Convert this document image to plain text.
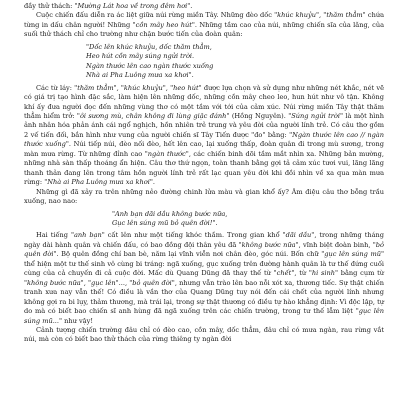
đầy thử thách: "Mường Lát hoa về trong đêm hơi".

Cuộc chiến đấu diễn ra ác liệt giữa núi rừng miền Tây. Những đèo dốc "khúc khuỷu", "thăm thẳm" chứa từng in dấu chân người! Những "cồn mây heo hút". Những tầm cao của núi, những chiến sĩa của lăng, của suối thử thách chỉ cho trường như chặn bước tiến của đoàn quân:

"Dốc lên khúc khuỷu, dốc thăm thẳm,
Heo hút cồn mây súng ngửi trời.
Ngàn thước lên cao ngàn thước xuống
Nhà ai Pha Luông mưa xa khơi".

Các từ láy: "thăm thẳm", "khúc khuỷu", "heo hút" được lựa chọn và sử dụng như những nét khắc, nét vẽ có giá trị tạo hình đặc sắc, làm hiện lên những dốc, những cồn mây cheo leo, hun hút như vô tận. Không khí ấy đưa người đọc đến những vùng thơ có một tầm với tới của cảm xúc. Núi rừng miền Tây thật thăm thẳm hiểm trở: "ôi sương mù, chân không đi lùng giặc đánh" (Hồng Nguyên). "Súng ngửi trời" là một hình ảnh nhân hóa phản ánh cái ngổ nghịch, hồn nhiên trẻ trung và yêu đời của người lính trẻ. Có câu thơ gồm 2 vế tiến đối, bắn hình như vung của người chiến sĩ Tây Tiến được "đo" bằng: "Ngàn thước lên cao // ngàn thước xuống". Núi tiếp núi, đèo nối đèo, hết lên cao, lại xuống thấp, đoàn quân đi trong mù sương, trong màn mưa rừng. Từ những đỉnh cao "ngàn thước", các chiến binh dõi tầm mắt nhìn xa. Những bản mường, những nhà sàn thấp thoáng ẩn hiện. Câu thơ thứ ngọn, toàn thanh bằng gợi tả cảm xúc tươi vui, lãng lãng thanh thản đang lên trong tâm hồn người lính trẻ rất lạc quan yêu đời khi đồi nhìn về xa qua màn mưa rừng: "Nhà ai Pha Luông mưa xa khơi".

Những gì đã xảy ra trên những nẻo đường chinh lửa màu và gian khổ ấy? Âm điệu câu thơ bỗng trầu xuống, nao nao:

"Anh bạn dãi dầu không bước nữa,
Gục lên súng mũ bỏ quên đời!".

Hai tiếng "anh bạn" cất lên như một tiếng khóc thầm. Trong gian khổ "dãi dầu", trong những tháng ngày dài hành quân và chiến đấu, có bao đồng đội thân yêu đã "không bước nữa", vĩnh biệt đoàn binh, "bỏ quên đời". Bộ quên đồng chí ban bè, năm lại vĩnh viễn nơi chân đèo, góc núi. Bốn chữ "gục lên súng mũ" thể hiện một tư thế sinh vô cùng bi tráng: ngã xuống, gục xuống trên đường hành quân là tư thế đứng cuối cùng của cả chuyến đi cả cuộc đời. Mấc dù Quang Dũng đã thay thế từ "chết", từ "hi sinh" bằng cụm từ "không bước nữa", "gục lên"..., "bỏ quên đời", nhưng vẫn trào lên bao nỗi xót xa, thương tiếc. Sự thật chiến tranh xưa nay vẫn thế! Có điều là vần thơ của Quang Dũng tuy nói đến cái chết của người lính nhưng không gợi ra bi lụy, thảm thương, mà trái lại, trong sự thật thương có điều tự hào khẳng định: Vì độc lập, tự do mà có biết bao chiến sĩ anh hùng đã ngã xuống trên các chiến trường, trong tư thế lẫm liệt "gục lên súng mũ..." như vậy!

Cảnh tượng chiến trường đâu chỉ có đèo cao, cồn mây, dốc thẳm, đâu chỉ có mưa ngàn, rau rừng vắt núi, mà còn có biết bao thử thách của rừng thiêng ty ngàn đời
